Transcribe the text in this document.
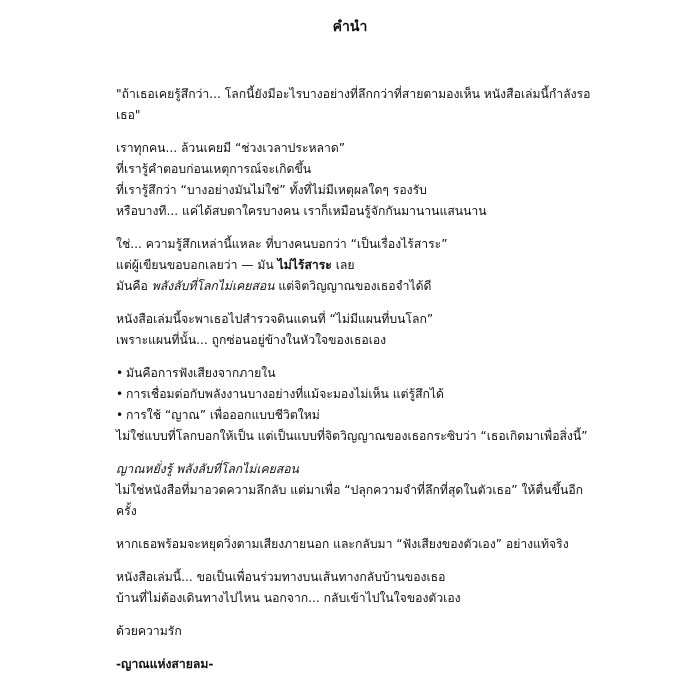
คำนำ
"ถ้าเธอเคยรู้สึกว่า... โลกนี้ยังมีอะไรบางอย่างที่ลึกกว่าที่สายตามองเห็น หนังสือเล่มนี้กำลังรอ
เธอ"
เราทุกคน... ล้วนเคยมี “ช่วงเวลาประหลาด”
ที่เรารู้คำตอบก่อนเหตุการณ์จะเกิดขึ้น
ที่เรารู้สึกว่า “บางอย่างมันไม่ใช่” ทั้งที่ไม่มีเหตุผลใดๆ รองรับ
หรือบางที... แค่ได้สบตาใครบางคน เราก็เหมือนรู้จักกันมานานแสนนาน
ใช่... ความรู้สึกเหล่านี้แหละ ที่บางคนบอกว่า “เป็นเรื่องไร้สาระ”
แต่ผู้เขียนขอบอกเลยว่า — มัน ไม่ไร้สาระ เลย
มันคือ พลังลับที่โลกไม่เคยสอน แต่จิตวิญญาณของเธอจำได้ดี
หนังสือเล่มนี้จะพาเธอไปสำรวจดินแดนที่ “ไม่มีแผนที่บนโลก”
เพราะแผนที่นั้น... ถูกซ่อนอยู่ข้างในหัวใจของเธอเอง
• มันคือการฟังเสียงจากภายใน
• การเชื่อมต่อกับพลังงานบางอย่างที่แม้จะมองไม่เห็น แต่รู้สึกได้
• การใช้ “ญาณ” เพื่อออกแบบชีวิตใหม่
ไม่ใช่แบบที่โลกบอกให้เป็น แต่เป็นแบบที่จิตวิญญาณของเธอกระซิบว่า “เธอเกิดมาเพื่อสิ่งนี้”
ญาณหยั่งรู้ พลังลับที่โลกไม่เคยสอน
ไม่ใช่หนังสือที่มาอวดความลึกลับ แต่มาเพื่อ “ปลุกความจำที่ลึกที่สุดในตัวเธอ” ให้ตื่นขึ้นอีก
ครั้ง
หากเธอพร้อมจะหยุดวิ่งตามเสียงภายนอก และกลับมา “ฟังเสียงของตัวเอง” อย่างแท้จริง
หนังสือเล่มนี้... ขอเป็นเพื่อนร่วมทางบนเส้นทางกลับบ้านของเธอ
บ้านที่ไม่ต้องเดินทางไปไหน นอกจาก... กลับเข้าไปในใจของตัวเอง
ด้วยความรัก
-ญาณแห่งสายลม-
